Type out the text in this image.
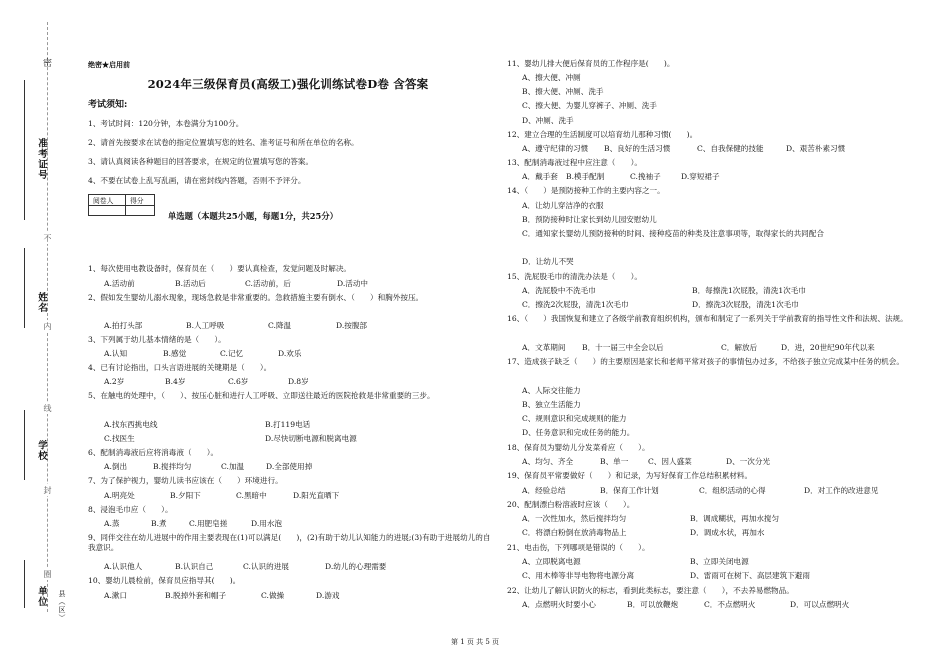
密
准考证号
不
姓名
内
线
学校
封
圈
单位 县（区）
绝密★启用前
2024年三级保育员(高级工)强化训练试卷D卷 含答案
考试须知:
1、考试时间：120分钟，本卷满分为100分。
2、请首先按要求在试卷的指定位置填写您的姓名、准考证号和所在单位的名称。
3、请认真阅读各种题目的回答要求，在规定的位置填写您的答案。
4、不要在试卷上乱写乱画，请在密封线内答题，否则不予评分。
阅卷人	得分

单选题（本题共25小题，每题1分，共25分）
1、每次使用电教设备时，保育员在（　　）要认真检查，发觉问题及时解决。
A.活动前	B.活动后	C.活动前，后	D.活动中
2、假如发生婴幼儿溺水现象，现场急救是非常重要的。急救措施主要有倒水、（　　）和胸外按压。
A.拍打头部	B.人工呼吸	C.降温	D.按腹部
3、下列属于幼儿基本情绪的是（　　）。
A.认知	B.感觉	C.记忆	D.欢乐
4、已有讨论指出，口头言语进展的关键期是（　　）。
A.2岁	B.4岁	C.6岁	D.8岁
5、在触电的处理中，（　　）、按压心脏和进行人工呼吸、立即送往最近的医院抢救是非常重要的三步。
A.找东西挑电线	B.打119电话
C.找医生	D.尽快切断电源和脱离电源
6、配制消毒液后应将消毒液（　　）。
A.倒出	B.搅拌均匀	C.加温	D.全部使用掉
7、为了保护视力，婴幼儿读书应该在（　　）环境进行。
A.明亮处	B.夕阳下	C.黑暗中	D.阳光直晒下
8、浸泡毛巾应（　　）。
A.蒸	B.煮	C.用肥皂搓	D.用水泡
9、同伴交往在幼儿进展中的作用主要表现在(1)可以满足(　　)，(2)有助于幼儿认知能力的进展;(3)有助于进展幼儿的自我意识。
A.认识他人	B.认识自己	C.认识的进展	D.幼儿的心理需要
10、婴幼儿晨检前，保育员应指导其(　　)。
A.漱口	B.脱掉外套和帽子	C.做操	D.游戏
11、婴幼儿排大便后保育员的工作程序是(　　)。
A、擦大便、冲厕
B、擦大便、冲厕、洗手
C、擦大便、为婴儿穿裤子、冲厕、洗手
D、冲厕、洗手
12、建立合理的生活制度可以培育幼儿那种习惯(　　)。
A、遵守纪律的习惯 B、良好的生活习惯	C、自我保健的技能	D、艰苦朴素习惯
13、配制消毒液过程中应注意（　　）。
A．戴手套 B.模手配制	C.挽袖子	D.穿短裙子
14、（　　）是预防接种工作的主要内容之一。
A．让幼儿穿洁净的衣服
B．预防接种时让家长到幼儿园安慰幼儿
C．通知家长婴幼儿预防接种的时间、接种疫苗的种类及注意事项等，取得家长的共同配合
D．让幼儿不哭
15、洗屁股毛巾的清洗办法是（　　）。
A．洗屁股中不洗毛巾	B．每擦洗1次屁股，清洗1次毛巾
C．擦洗2次屁股，清洗1次毛巾	D．擦洗3次屁股，清洗1次毛巾
16、（　　）我国恢复和建立了各级学前教育组织机构，颁布和制定了一系列关于学前教育的指导性文件和法规、法规。
A．文革期间 B．十一届三中全会以后	C．解放后	D．进，20世纪90年代以来
17、造成孩子缺乏（　　）的主要原因是家长和老师平常对孩子的事情包办过多，不给孩子独立完成某中任务的机会。
A、人际交往能力
B、独立生活能力
C、规则意识和完成规则的能力
D、任务意识和完成任务的能力。
18、保育员为婴幼儿分发菜肴应（　　）。
A、均匀、齐全	B、单一	C、因人盛菜	D、一次分光
19、保育员平常要做好（　　）和记录，为写好保育工作总结积累材料。
A．经验总结	B．保育工作计划	C．组织活动的心得	D．对工作的改进意见
20、配制漂白粉溶液时应该（　　）。
A．一次性加水，然后搅拌均匀	B．调成糊状，再加水搅匀
C．将漂白粉倒在放消毒物品上	D．调成水状，再加水
21、电击伤，下列哪项是错误的（　　）。
A、立即脱离电源	B、立即关闭电源
C、用木棒等非导电物将电源分离	D、雷雨可在树下、高层建筑下避雨
22、让幼儿了解认识防火的标志，看到此类标志，要注意（　　），不去养易燃物品。
A．点燃明火时要小心	B．可以放鞭炮	C．不点燃明火	D．可以点燃明火
第 1 页 共 5 页
